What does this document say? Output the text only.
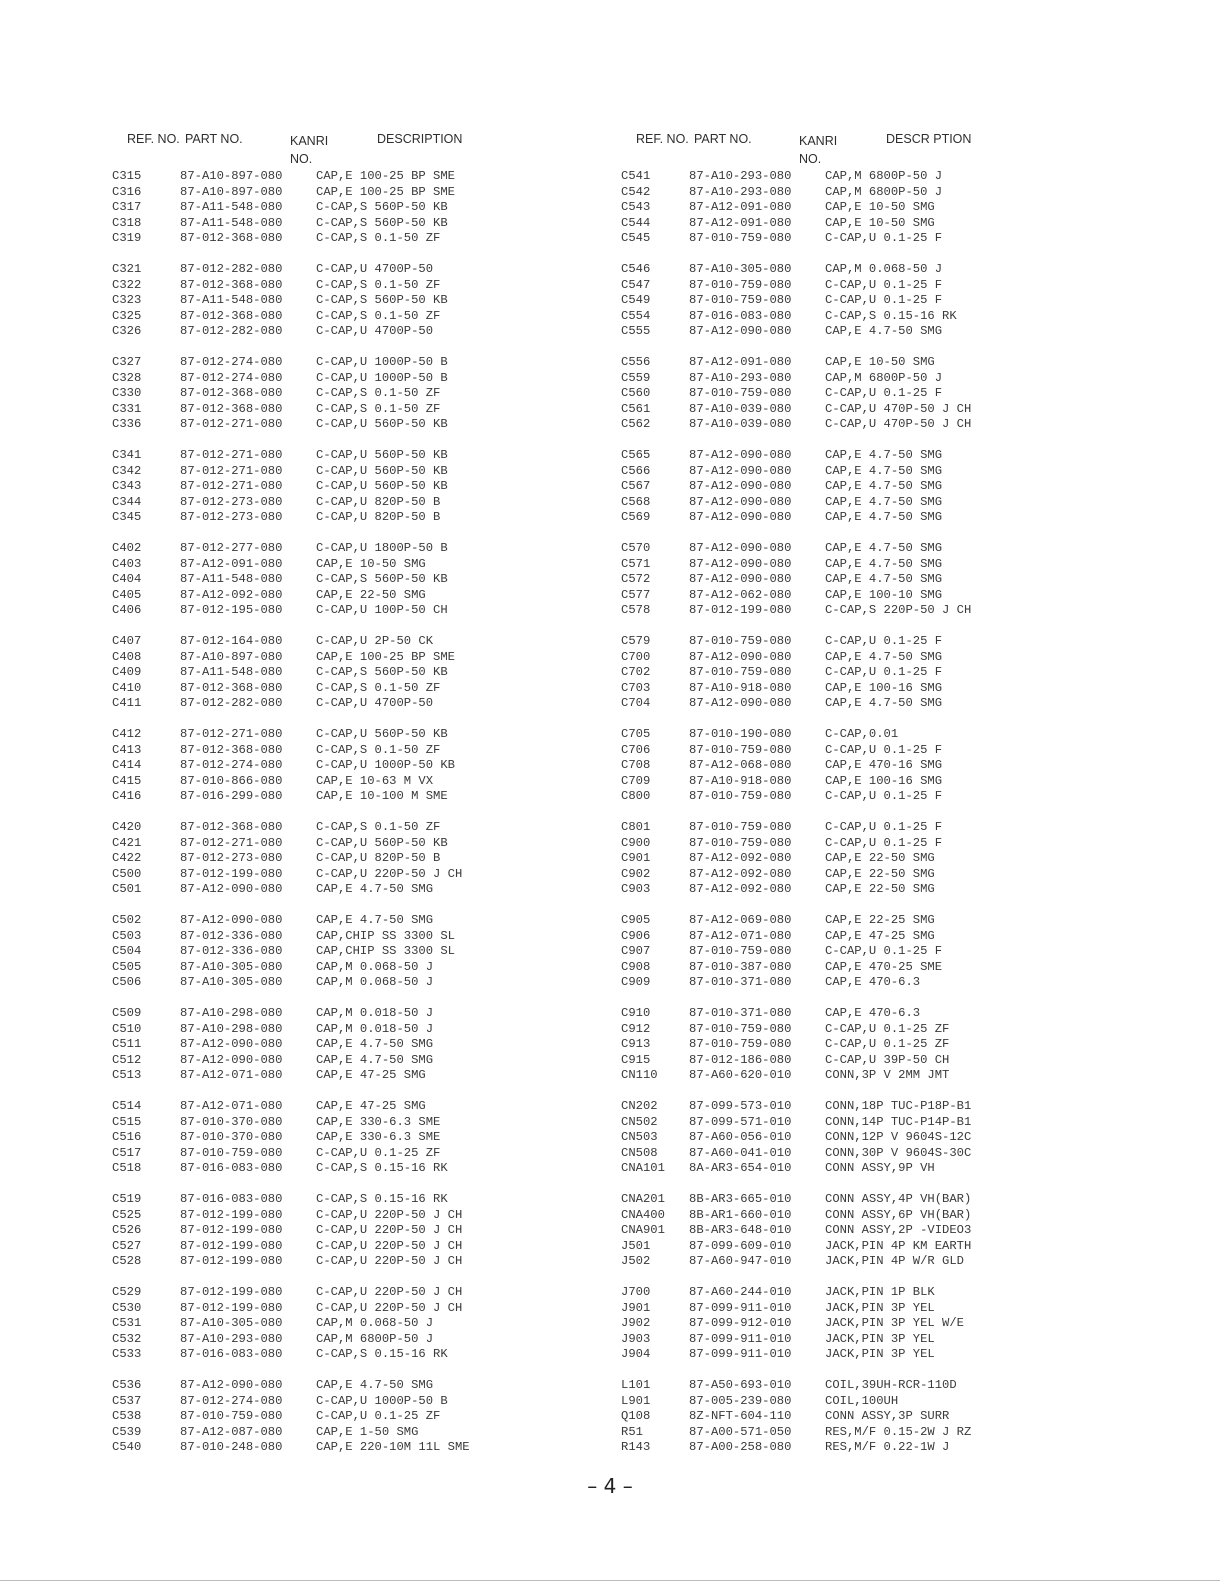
REF. NO. PART NO.	KANRI
NO.
DESCRIPTION
C315	87-A10-897-080	CAP,E 100-25 BP SME
C316	87-A10-897-080	CAP,E 100-25 BP SME
C317	87-A11-548-080	C-CAP,S 560P-50 KB
C318	87-A11-548-080	C-CAP,S 560P-50 KB
C319	87-012-368-080	C-CAP,S 0.1-50 ZF
C321	87-012-282-080	C-CAP,U 4700P-50
C322	87-012-368-080	C-CAP,S 0.1-50 ZF
C323	87-A11-548-080	C-CAP,S 560P-50 KB
C325	87-012-368-080	C-CAP,S 0.1-50 ZF
C326	87-012-282-080	C-CAP,U 4700P-50
C327	87-012-274-080	C-CAP,U 1000P-50 B
C328	87-012-274-080	C-CAP,U 1000P-50 B
C330	87-012-368-080	C-CAP,S 0.1-50 ZF
C331	87-012-368-080	C-CAP,S 0.1-50 ZF
C336	87-012-271-080	C-CAP,U 560P-50 KB
C341	87-012-271-080	C-CAP,U 560P-50 KB
C342	87-012-271-080	C-CAP,U 560P-50 KB
C343	87-012-271-080	C-CAP,U 560P-50 KB
C344	87-012-273-080	C-CAP,U 820P-50 B
C345	87-012-273-080	C-CAP,U 820P-50 B
C402	87-012-277-080	C-CAP,U 1800P-50 B
C403	87-A12-091-080	CAP,E 10-50 SMG
C404	87-A11-548-080	C-CAP,S 560P-50 KB
C405	87-A12-092-080	CAP,E 22-50 SMG
C406	87-012-195-080	C-CAP,U 100P-50 CH
C407	87-012-164-080	C-CAP,U 2P-50 CK
C408	87-A10-897-080	CAP,E 100-25 BP SME
C409	87-A11-548-080	C-CAP,S 560P-50 KB
C410	87-012-368-080	C-CAP,S 0.1-50 ZF
C411	87-012-282-080	C-CAP,U 4700P-50
C412	87-012-271-080	C-CAP,U 560P-50 KB
C413	87-012-368-080	C-CAP,S 0.1-50 ZF
C414	87-012-274-080	C-CAP,U 1000P-50 KB
C415	87-010-866-080	CAP,E 10-63 M VX
C416	87-016-299-080	CAP,E 10-100 M SME
C420	87-012-368-080	C-CAP,S 0.1-50 ZF
C421	87-012-271-080	C-CAP,U 560P-50 KB
C422	87-012-273-080	C-CAP,U 820P-50 B
C500	87-012-199-080	C-CAP,U 220P-50 J CH
C501	87-A12-090-080	CAP,E 4.7-50 SMG
C502	87-A12-090-080	CAP,E 4.7-50 SMG
C503	87-012-336-080	CAP,CHIP SS 3300 SL
C504	87-012-336-080	CAP,CHIP SS 3300 SL
C505	87-A10-305-080	CAP,M 0.068-50 J
C506	87-A10-305-080	CAP,M 0.068-50 J
C509	87-A10-298-080	CAP,M 0.018-50 J
C510	87-A10-298-080	CAP,M 0.018-50 J
C511	87-A12-090-080	CAP,E 4.7-50 SMG
C512	87-A12-090-080	CAP,E 4.7-50 SMG
C513	87-A12-071-080	CAP,E 47-25 SMG
C514	87-A12-071-080	CAP,E 47-25 SMG
C515	87-010-370-080	CAP,E 330-6.3 SME
C516	87-010-370-080	CAP,E 330-6.3 SME
C517	87-010-759-080	C-CAP,U 0.1-25 ZF
C518	87-016-083-080	C-CAP,S 0.15-16 RK
C519	87-016-083-080	C-CAP,S 0.15-16 RK
C525	87-012-199-080	C-CAP,U 220P-50 J CH
C526	87-012-199-080	C-CAP,U 220P-50 J CH
C527	87-012-199-080	C-CAP,U 220P-50 J CH
C528	87-012-199-080	C-CAP,U 220P-50 J CH
C529	87-012-199-080	C-CAP,U 220P-50 J CH
C530	87-012-199-080	C-CAP,U 220P-50 J CH
C531	87-A10-305-080	CAP,M 0.068-50 J
C532	87-A10-293-080	CAP,M 6800P-50 J
C533	87-016-083-080	C-CAP,S 0.15-16 RK
C536	87-A12-090-080	CAP,E 4.7-50 SMG
C537	87-012-274-080	C-CAP,U 1000P-50 B
C538	87-010-759-080	C-CAP,U 0.1-25 ZF
C539	87-A12-087-080	CAP,E 1-50 SMG
C540	87-010-248-080	CAP,E 220-10M 11L SME
REF. NO. PART NO.	KANRI
NO.
DESCR PTION
C541	87-A10-293-080	CAP,M 6800P-50 J
C542	87-A10-293-080	CAP,M 6800P-50 J
C543	87-A12-091-080	CAP,E 10-50 SMG
C544	87-A12-091-080	CAP,E 10-50 SMG
C545	87-010-759-080	C-CAP,U 0.1-25 F
C546	87-A10-305-080	CAP,M 0.068-50 J
C547	87-010-759-080	C-CAP,U 0.1-25 F
C549	87-010-759-080	C-CAP,U 0.1-25 F
C554	87-016-083-080	C-CAP,S 0.15-16 RK
C555	87-A12-090-080	CAP,E 4.7-50 SMG
C556	87-A12-091-080	CAP,E 10-50 SMG
C559	87-A10-293-080	CAP,M 6800P-50 J
C560	87-010-759-080	C-CAP,U 0.1-25 F
C561	87-A10-039-080	C-CAP,U 470P-50 J CH
C562	87-A10-039-080	C-CAP,U 470P-50 J CH
C565	87-A12-090-080	CAP,E 4.7-50 SMG
C566	87-A12-090-080	CAP,E 4.7-50 SMG
C567	87-A12-090-080	CAP,E 4.7-50 SMG
C568	87-A12-090-080	CAP,E 4.7-50 SMG
C569	87-A12-090-080	CAP,E 4.7-50 SMG
C570	87-A12-090-080	CAP,E 4.7-50 SMG
C571	87-A12-090-080	CAP,E 4.7-50 SMG
C572	87-A12-090-080	CAP,E 4.7-50 SMG
C577	87-A12-062-080	CAP,E 100-10 SMG
C578	87-012-199-080	C-CAP,S 220P-50 J CH
C579	87-010-759-080	C-CAP,U 0.1-25 F
C700	87-A12-090-080	CAP,E 4.7-50 SMG
C702	87-010-759-080	C-CAP,U 0.1-25 F
C703	87-A10-918-080	CAP,E 100-16 SMG
C704	87-A12-090-080	CAP,E 4.7-50 SMG
C705	87-010-190-080	C-CAP,0.01
C706	87-010-759-080	C-CAP,U 0.1-25 F
C708	87-A12-068-080	CAP,E 470-16 SMG
C709	87-A10-918-080	CAP,E 100-16 SMG
C800	87-010-759-080	C-CAP,U 0.1-25 F
C801	87-010-759-080	C-CAP,U 0.1-25 F
C900	87-010-759-080	C-CAP,U 0.1-25 F
C901	87-A12-092-080	CAP,E 22-50 SMG
C902	87-A12-092-080	CAP,E 22-50 SMG
C903	87-A12-092-080	CAP,E 22-50 SMG
C905	87-A12-069-080	CAP,E 22-25 SMG
C906	87-A12-071-080	CAP,E 47-25 SMG
C907	87-010-759-080	C-CAP,U 0.1-25 F
C908	87-010-387-080	CAP,E 470-25 SME
C909	87-010-371-080	CAP,E 470-6.3
C910	87-010-371-080	CAP,E 470-6.3
C912	87-010-759-080	C-CAP,U 0.1-25 ZF
C913	87-010-759-080	C-CAP,U 0.1-25 ZF
C915	87-012-186-080	C-CAP,U 39P-50 CH
CN110	87-A60-620-010	CONN,3P V 2MM JMT
CN202	87-099-573-010	CONN,18P TUC-P18P-B1
CN502	87-099-571-010	CONN,14P TUC-P14P-B1
CN503	87-A60-056-010	CONN,12P V 9604S-12C
CN508	87-A60-041-010	CONN,30P V 9604S-30C
CNA101 8A-AR3-654-010	CONN ASSY,9P VH
CNA201 8B-AR3-665-010	CONN ASSY,4P VH(BAR)
CNA400 8B-AR1-660-010	CONN ASSY,6P VH(BAR)
CNA901 8B-AR3-648-010	CONN ASSY,2P -VIDEO3
J501	87-099-609-010	JACK,PIN 4P KM EARTH
J502	87-A60-947-010	JACK,PIN 4P W/R GLD
J700	87-A60-244-010	JACK,PIN 1P BLK
J901	87-099-911-010	JACK,PIN 3P YEL
J902	87-099-912-010	JACK,PIN 3P YEL W/E
J903	87-099-911-010	JACK,PIN 3P YEL
J904	87-099-911-010	JACK,PIN 3P YEL
L101	87-A50-693-010	COIL,39UH-RCR-110D
L901	87-005-239-080	COIL,100UH
Q108	8Z-NFT-604-110	CONN ASSY,3P SURR
R51	87-A00-571-050	RES,M/F 0.15-2W J RZ
R143	87-A00-258-080	RES,M/F 0.22-1W J
– 4 –
